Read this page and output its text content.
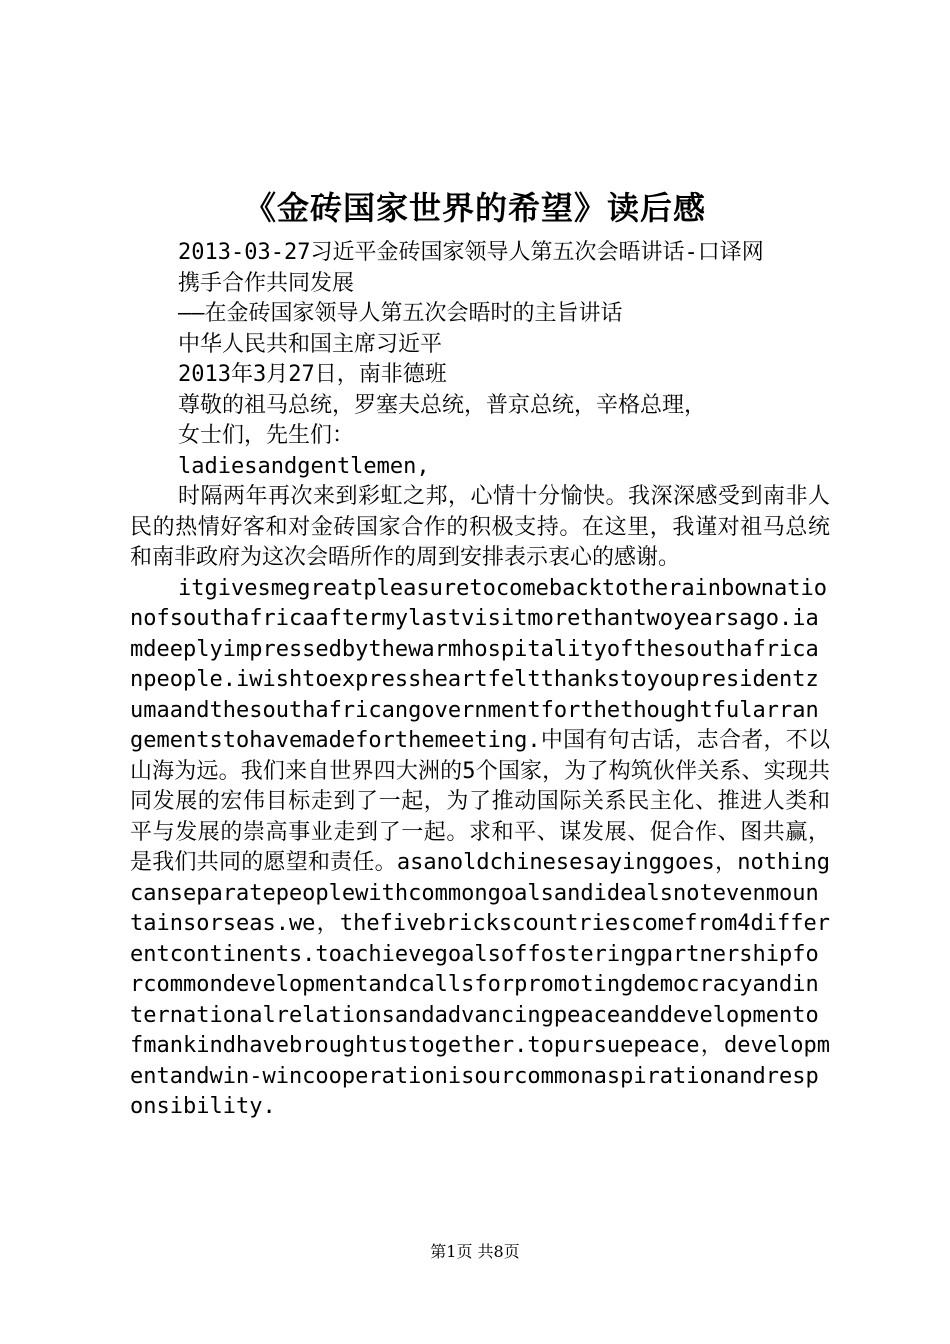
《金砖国家世界的希望》读后感

2013-03-27习近平金砖国家领导人第五次会晤讲话-口译网

携手合作共同发展

——在金砖国家领导人第五次会晤时的主旨讲话

中华人民共和国主席习近平

2013年3月27日，南非德班

尊敬的祖马总统，罗塞夫总统，普京总统，辛格总理，

女士们，先生们：

ladiesandgentlemen,

时隔两年再次来到彩虹之邦，心情十分愉快。我深深感受到南非人民的热情好客和对金砖国家合作的积极支持。在这里，我谨对祖马总统和南非政府为这次会晤所作的周到安排表示衷心的感谢。

itgivesmegreatpleasuretocomebacktotherainbownationofsouthafricaaftermylastvisitmorethantwoyearsago.iamdeeplyimpressedbythewarmhospitalityofthesouthafricanpeople.iwishtoexpressheartfeltthankstoyoupresidentzumaandthesouthafricangovernmentforthethoughtfularrangementstohavemadeforthemeeting.中国有句古话，志合者，不以山海为远。我们来自世界四大洲的5个国家，为了构筑伙伴关系、实现共同发展的宏伟目标走到了一起，为了推动国际关系民主化、推进人类和平与发展的崇高事业走到了一起。求和平、谋发展、促合作、图共赢，是我们共同的愿望和责任。asanoldchinesesayinggoes，nothingcanseparatepeoplewithcommongoalsandidealsnotevenmountainsorseas.we，thefivebrickscountriescomefrom4differentcontinents.toachievegoalsoffosteringpartnershipforcommondevelopmentandcallsforpromotingdemocracyandinternationalrelationsandadvancingpeaceanddevelopmentofmankindhavebroughtustogether.topursuepeace，developmentandwin-wincooperationisourcommonaspirationandresponsibility.

第1页 共8页
